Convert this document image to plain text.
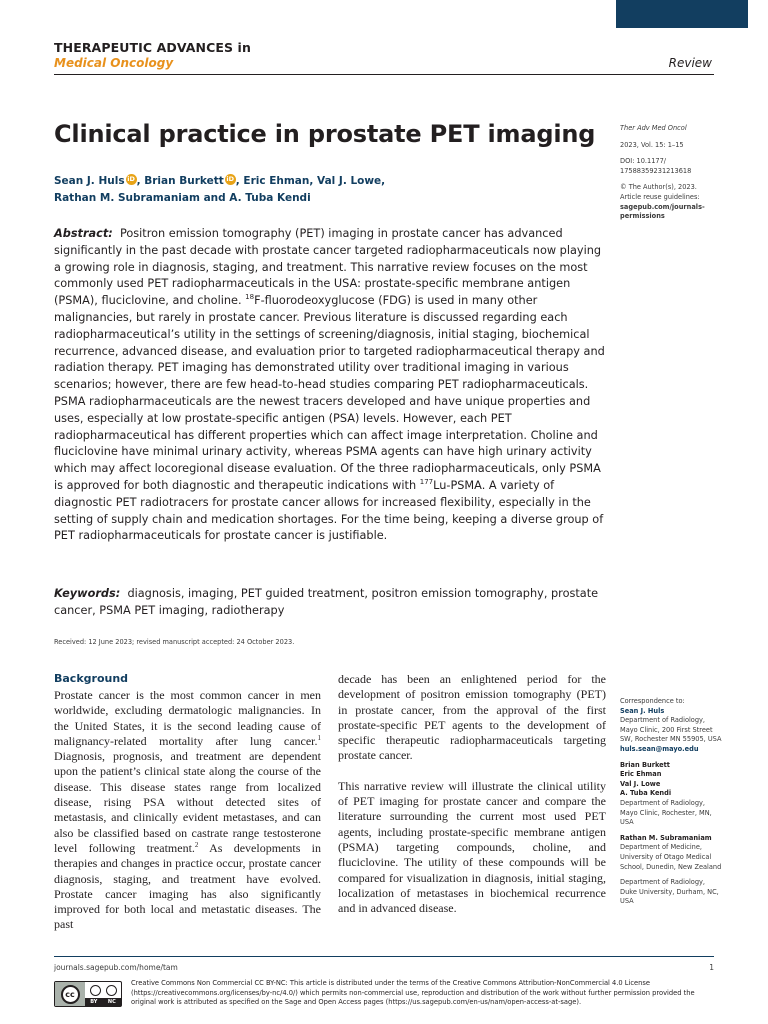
THERAPEUTIC ADVANCES in
Medical Oncology	Review
Clinical practice in prostate PET imaging
Sean J. Huls iD , Brian Burkett iD , Eric Ehman, Val J. Lowe,
Rathan M. Subramaniam and A. Tuba Kendi
Ther Adv Med Oncol
2023, Vol. 15: 1–15
DOI: 10.1177/
17588359231213618
© The Author(s), 2023.
Article reuse guidelines:
sagepub.com/journals-
permissions
Abstract: Positron emission tomography (PET) imaging in prostate cancer has advanced significantly in the past decade with prostate cancer targeted radiopharmaceuticals now playing a growing role in diagnosis, staging, and treatment. This narrative review focuses on the most commonly used PET radiopharmaceuticals in the USA: prostate-specific membrane antigen (PSMA), fluciclovine, and choline. $^{18}$F-fluorodeoxyglucose (FDG) is used in many other malignancies, but rarely in prostate cancer. Previous literature is discussed regarding each radiopharmaceutical’s utility in the settings of screening/diagnosis, initial staging, biochemical recurrence, advanced disease, and evaluation prior to targeted radiopharmaceutical therapy and radiation therapy. PET imaging has demonstrated utility over traditional imaging in various scenarios; however, there are few head-to-head studies comparing PET radiopharmaceuticals. PSMA radiopharmaceuticals are the newest tracers developed and have unique properties and uses, especially at low prostate-specific antigen (PSA) levels. However, each PET radiopharmaceutical has different properties which can affect image interpretation. Choline and fluciclovine have minimal urinary activity, whereas PSMA agents can have high urinary activity which may affect locoregional disease evaluation. Of the three radiopharmaceuticals, only PSMA is approved for both diagnostic and therapeutic indications with $^{177}$Lu-PSMA. A variety of diagnostic PET radiotracers for prostate cancer allows for increased flexibility, especially in the setting of supply chain and medication shortages. For the time being, keeping a diverse group of PET radiopharmaceuticals for prostate cancer is justifiable.
Keywords: diagnosis, imaging, PET guided treatment, positron emission tomography, prostate cancer, PSMA PET imaging, radiotherapy
Received: 12 June 2023; revised manuscript accepted: 24 October 2023.
Background
Prostate cancer is the most common cancer in men worldwide, excluding dermatologic malignancies. In the United States, it is the second leading cause of malignancy-related mortality after lung cancer.$^1$ Diagnosis, prognosis, and treatment are dependent upon the patient’s clinical state along the course of the disease. This disease states range from localized disease, rising PSA without detected sites of metastasis, and clinically evident metastases, and can also be classified based on castrate range testosterone level following treatment.$^2$ As developments in therapies and changes in practice occur, prostate cancer diagnosis, staging, and treatment have evolved. Prostate cancer imaging has also significantly improved for both local and metastatic diseases. The past

decade has been an enlightened period for the development of positron emission tomography (PET) in prostate cancer, from the approval of the first prostate-specific PET agents to the development of specific therapeutic radiopharmaceuticals targeting prostate cancer.

This narrative review will illustrate the clinical utility of PET imaging for prostate cancer and compare the literature surrounding the current most used PET agents, including prostate-specific membrane antigen (PSMA) targeting compounds, choline, and fluciclovine. The utility of these compounds will be compared for visualization in diagnosis, initial staging, localization of metastases in biochemical recurrence and in advanced disease.

Correspondence to:
Sean J. Huls
Department of Radiology, Mayo Clinic, 200 First Street SW, Rochester MN 55905, USA
huls.sean@mayo.edu
Brian Burkett
Eric Ehman
Val J. Lowe
A. Tuba Kendi
Department of Radiology, Mayo Clinic, Rochester, MN, USA
Rathan M. Subramaniam
Department of Medicine, University of Otago Medical School, Dunedin, New Zealand
Department of Radiology, Duke University, Durham, NC, USA
journals.sagepub.com/home/tam	1
cc
BY NC
Creative Commons Non Commercial CC BY-NC: This article is distributed under the terms of the Creative Commons Attribution-NonCommercial 4.0 License (https://creativecommons.org/licenses/by-nc/4.0/) which permits non-commercial use, reproduction and distribution of the work without further permission provided the original work is attributed as specified on the Sage and Open Access pages (https://us.sagepub.com/en-us/nam/open-access-at-sage).
